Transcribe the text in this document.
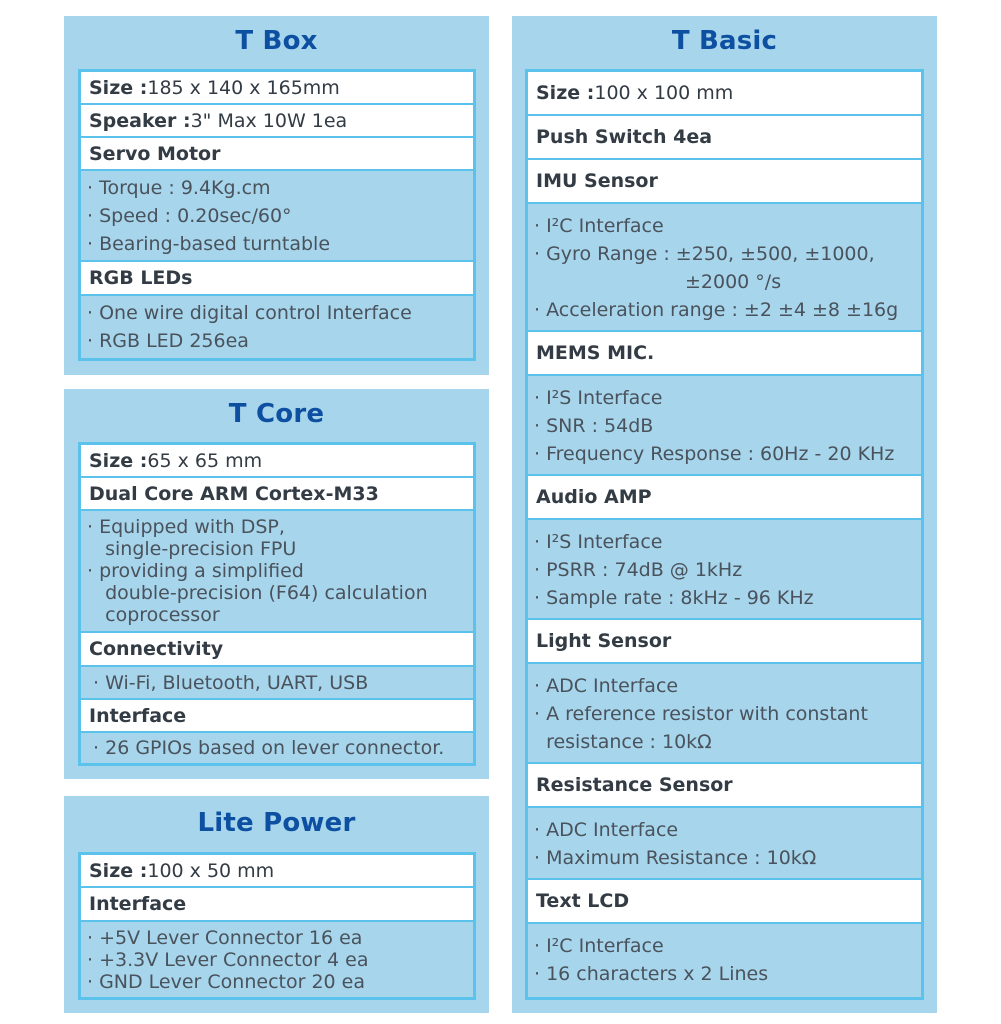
T Box
Size : 185 x 140 x 165mm
Speaker : 3" Max 10W 1ea
Servo Motor
· Torque : 9.4Kg.cm
· Speed : 0.20sec/60°
· Bearing-based turntable
RGB LEDs
· One wire digital control Interface
· RGB LED 256ea
T Core
Size : 65 x 65 mm
Dual Core ARM Cortex-M33
· Equipped with DSP,
single-precision FPU
· providing a simplified
double-precision (F64) calculation
coprocessor
Connectivity
· Wi-Fi, Bluetooth, UART, USB
Interface
· 26 GPIOs based on lever connector.
Lite Power
Size : 100 x 50 mm
Interface
· +5V Lever Connector 16 ea
· +3.3V Lever Connector 4 ea
· GND Lever Connector 20 ea
T Basic
Size : 100 x 100 mm
Push Switch 4ea
IMU Sensor
· I²C Interface
· Gyro Range : ±250, ±500, ±1000,
±2000 °/s
· Acceleration range : ±2 ±4 ±8 ±16g
MEMS MIC.
· I²S Interface
· SNR : 54dB
· Frequency Response : 60Hz - 20 KHz
Audio AMP
· I²S Interface
· PSRR : 74dB @ 1kHz
· Sample rate : 8kHz - 96 KHz
Light Sensor
· ADC Interface
· A reference resistor with constant
resistance : 10kΩ
Resistance Sensor
· ADC Interface
· Maximum Resistance : 10kΩ
Text LCD
· I²C Interface
· 16 characters x 2 Lines
